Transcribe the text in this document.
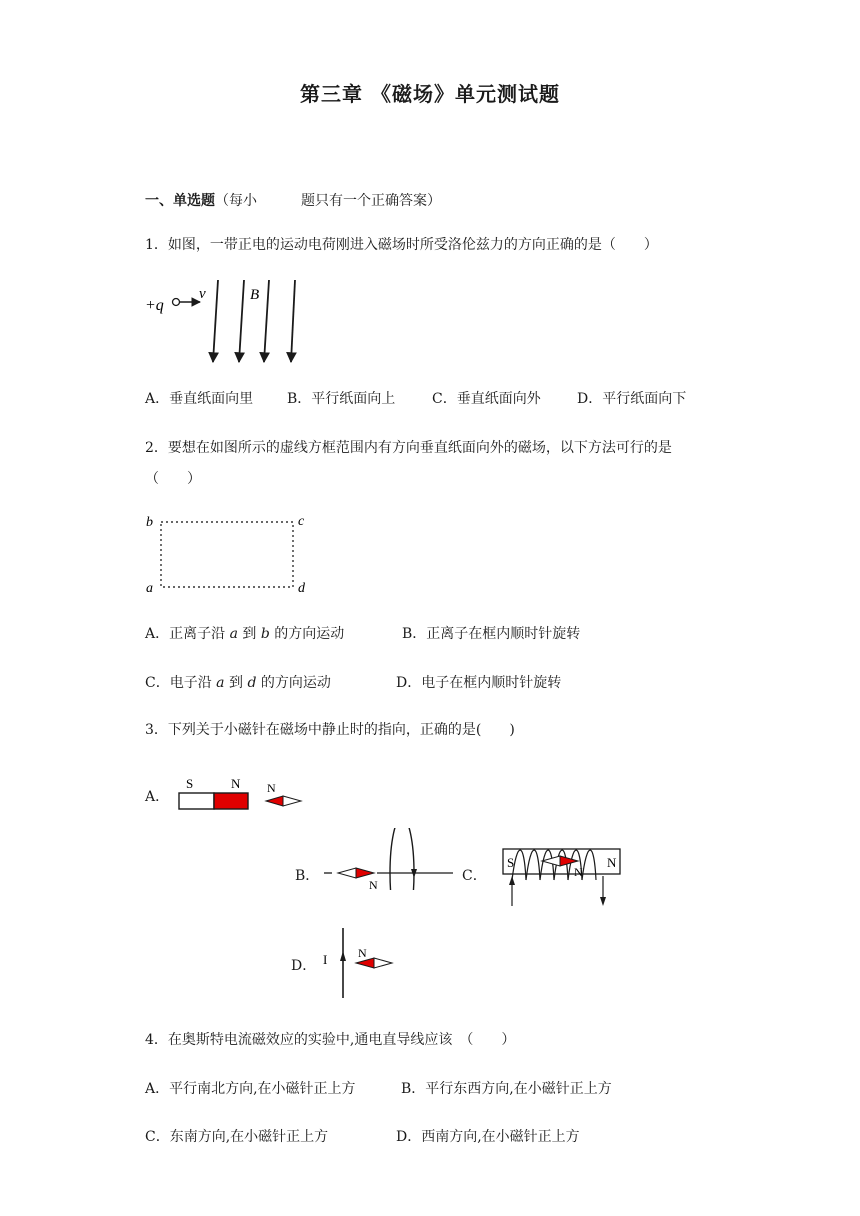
第三章 《磁场》单元测试题
一、单选题（每小	题只有一个正确答案）
1．如图，一带正电的运动电荷刚进入磁场时所受洛伦兹力的方向正确的是（　　）
+q
v	B
A．垂直纸面向里 B．平行纸面向上	C．垂直纸面向外	D．平行纸面向下
2．要想在如图所示的虚线方框范围内有方向垂直纸面向外的磁场，以下方法可行的是
（　　）
b	c
a	d
A．正离子沿 a 到 b 的方向运动	B．正离子在框内顺时针旋转
C．电子沿 a 到 d 的方向运动	D．电子在框内顺时针旋转
3．下列关于小磁针在磁场中静止时的指向，正确的是(　　)
A．
S	N N
B．
N
C．
S	N
N
D． I	N
4．在奥斯特电流磁效应的实验中,通电直导线应该　（　　）
A．平行南北方向,在小磁针正上方	B．平行东西方向,在小磁针正上方
C．东南方向,在小磁针正上方	D．西南方向,在小磁针正上方
